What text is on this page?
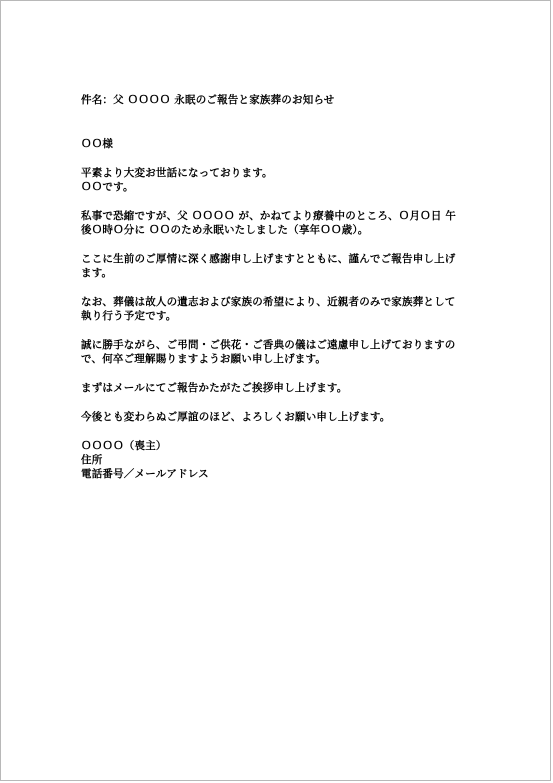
件名：父 ＯＯＯＯ 永眠のご報告と家族葬のお知らせ
ＯＯ様
平素より大変お世話になっております。
ＯＯです。
私事で恐縮ですが、父 ＯＯＯＯ が、かねてより療養中のところ、Ｏ月Ｏ日 午
後Ｏ時Ｏ分に ＯＯのため永眠いたしました（享年ＯＯ歳）。
ここに生前のご厚情に深く感謝申し上げますとともに、謹んでご報告申し上げ
ます。
なお、葬儀は故人の遺志および家族の希望により、近親者のみで家族葬として
執り行う予定です。
誠に勝手ながら、ご弔問・ご供花・ご香典の儀はご遠慮申し上げておりますの
で、何卒ご理解賜りますようお願い申し上げます。
まずはメールにてご報告かたがたご挨拶申し上げます。
今後とも変わらぬご厚誼のほど、よろしくお願い申し上げます。
ＯＯＯＯ（喪主）
住所
電話番号／メールアドレス
